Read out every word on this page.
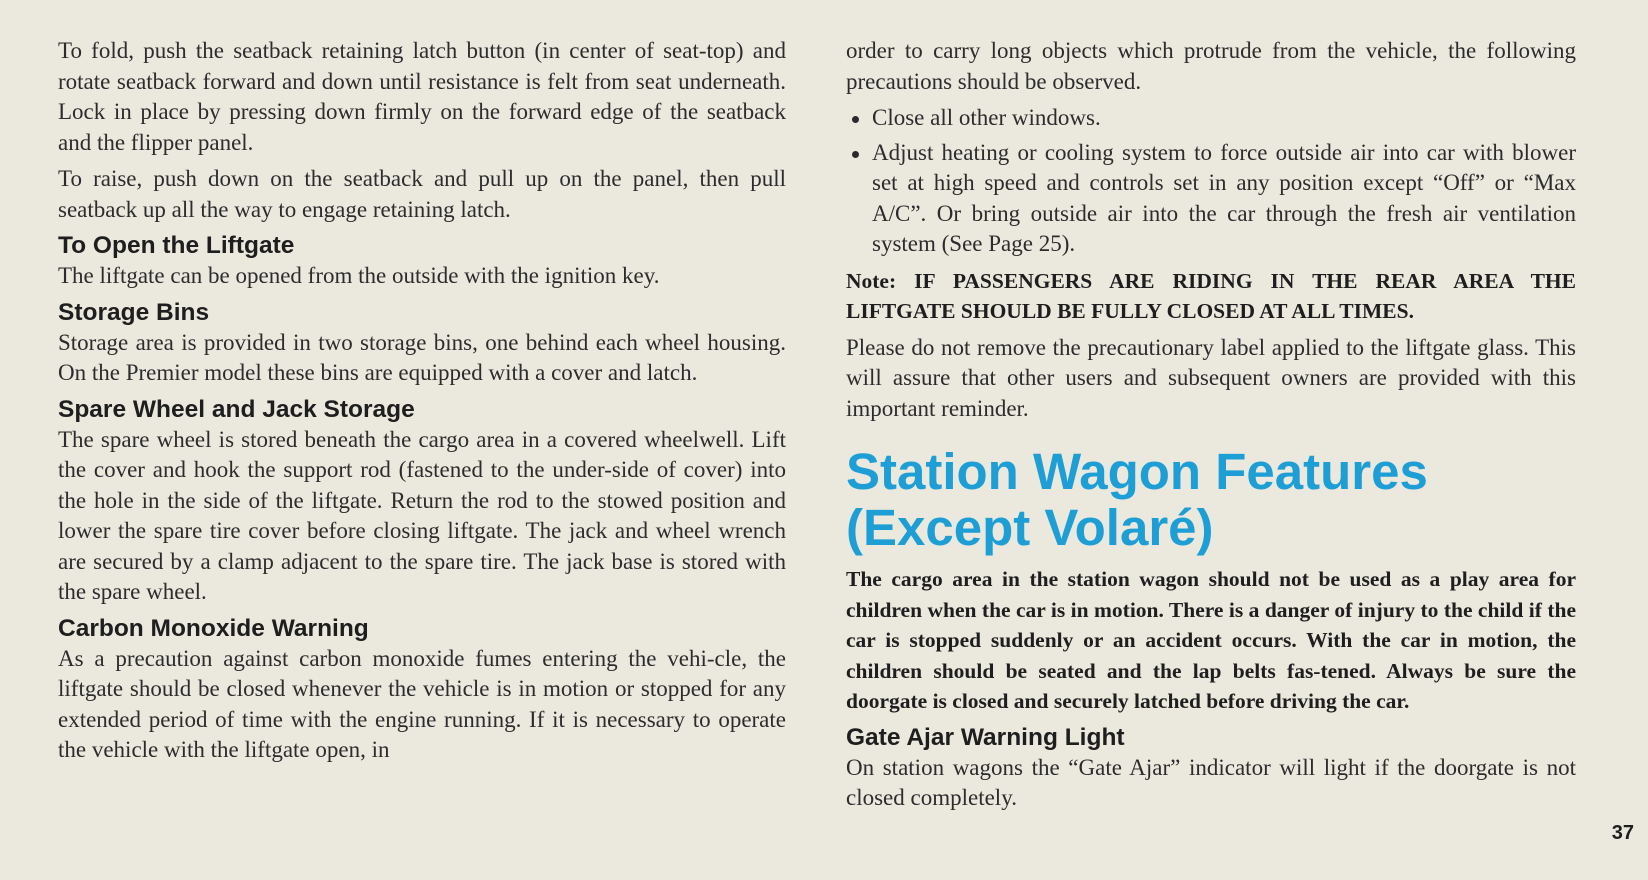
To fold, push the seatback retaining latch button (in center of seat-top) and rotate seatback forward and down until resistance is felt from seat underneath. Lock in place by pressing down firmly on the forward edge of the seatback and the flipper panel.

To raise, push down on the seatback and pull up on the panel, then pull seatback up all the way to engage retaining latch.

To Open the Liftgate

The liftgate can be opened from the outside with the ignition key.

Storage Bins

Storage area is provided in two storage bins, one behind each wheel housing. On the Premier model these bins are equipped with a cover and latch.

Spare Wheel and Jack Storage

The spare wheel is stored beneath the cargo area in a covered wheelwell. Lift the cover and hook the support rod (fastened to the under-side of cover) into the hole in the side of the liftgate. Return the rod to the stowed position and lower the spare tire cover before closing liftgate. The jack and wheel wrench are secured by a clamp adjacent to the spare tire. The jack base is stored with the spare wheel.

Carbon Monoxide Warning

As a precaution against carbon monoxide fumes entering the vehi-cle, the liftgate should be closed whenever the vehicle is in motion or stopped for any extended period of time with the engine running. If it is necessary to operate the vehicle with the liftgate open, in

order to carry long objects which protrude from the vehicle, the following precautions should be observed.

Close all other windows.
Adjust heating or cooling system to force outside air into car with blower set at high speed and controls set in any position except “Off” or “Max A/C”. Or bring outside air into the car through the fresh air ventilation system (See Page 25).

Note: IF PASSENGERS ARE RIDING IN THE REAR AREA THE LIFTGATE SHOULD BE FULLY CLOSED AT ALL TIMES.

Please do not remove the precautionary label applied to the liftgate glass. This will assure that other users and subsequent owners are provided with this important reminder.

Station Wagon Features
(Except Volaré)

The cargo area in the station wagon should not be used as a play area for children when the car is in motion. There is a danger of injury to the child if the car is stopped suddenly or an accident occurs. With the car in motion, the children should be seated and the lap belts fas-tened. Always be sure the doorgate is closed and securely latched before driving the car.

Gate Ajar Warning Light

On station wagons the “Gate Ajar” indicator will light if the doorgate is not closed completely.

37
